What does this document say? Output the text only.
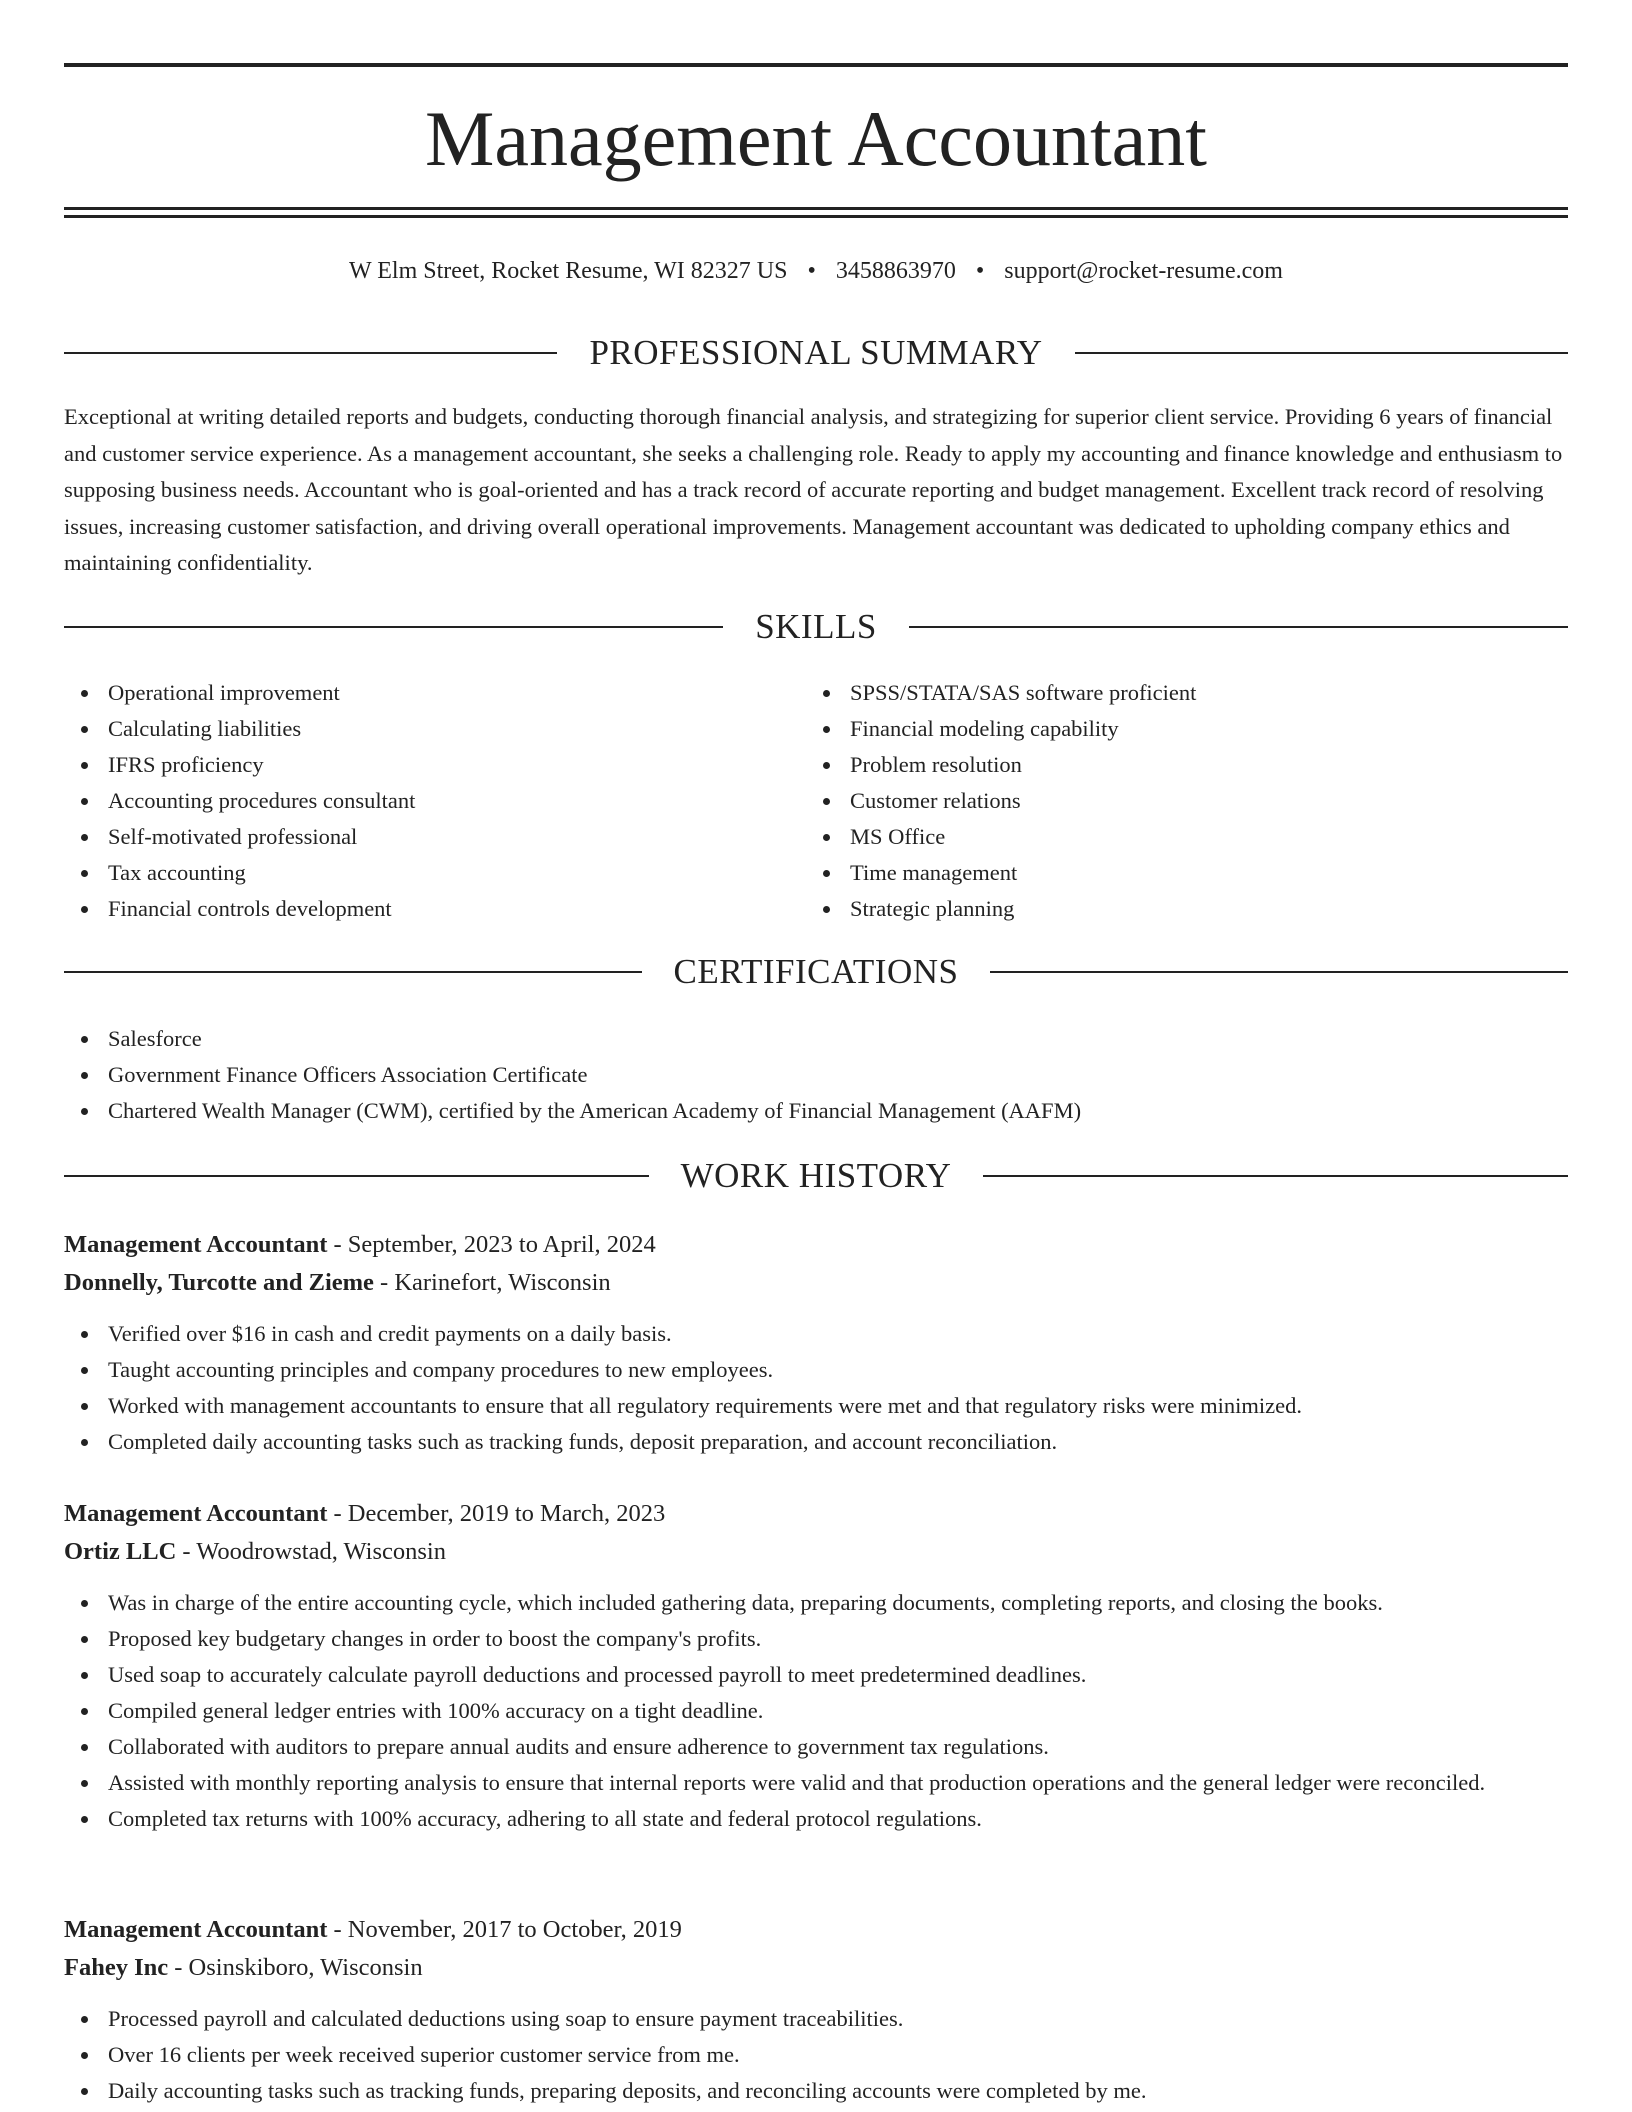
Management Accountant
W Elm Street, Rocket Resume, WI 82327 US • 3458863970 • support@rocket-resume.com
PROFESSIONAL SUMMARY

Exceptional at writing detailed reports and budgets, conducting thorough financial analysis, and strategizing for superior client service. Providing 6 years of financial and customer service experience. As a management accountant, she seeks a challenging role. Ready to apply my accounting and finance knowledge and enthusiasm to supposing business needs. Accountant who is goal-oriented and has a track record of accurate reporting and budget management. Excellent track record of resolving issues, increasing customer satisfaction, and driving overall operational improvements. Management accountant was dedicated to upholding company ethics and maintaining confidentiality.

SKILLS
Operational improvement
Calculating liabilities
IFRS proficiency
Accounting procedures consultant
Self-motivated professional
Tax accounting
Financial controls development
SPSS/STATA/SAS software proficient
Financial modeling capability
Problem resolution
Customer relations
MS Office
Time management
Strategic planning
CERTIFICATIONS
Salesforce
Government Finance Officers Association Certificate
Chartered Wealth Manager (CWM), certified by the American Academy of Financial Management (AAFM)
WORK HISTORY
Management Accountant - September, 2023 to April, 2024
Donnelly, Turcotte and Zieme - Karinefort, Wisconsin
Verified over $16 in cash and credit payments on a daily basis.
Taught accounting principles and company procedures to new employees.
Worked with management accountants to ensure that all regulatory requirements were met and that regulatory risks were minimized.
Completed daily accounting tasks such as tracking funds, deposit preparation, and account reconciliation.
Management Accountant - December, 2019 to March, 2023
Ortiz LLC - Woodrowstad, Wisconsin
Was in charge of the entire accounting cycle, which included gathering data, preparing documents, completing reports, and closing the books.
Proposed key budgetary changes in order to boost the company's profits.
Used soap to accurately calculate payroll deductions and processed payroll to meet predetermined deadlines.
Compiled general ledger entries with 100% accuracy on a tight deadline.
Collaborated with auditors to prepare annual audits and ensure adherence to government tax regulations.
Assisted with monthly reporting analysis to ensure that internal reports were valid and that production operations and the general ledger were reconciled.
Completed tax returns with 100% accuracy, adhering to all state and federal protocol regulations.
Management Accountant - November, 2017 to October, 2019
Fahey Inc - Osinskiboro, Wisconsin
Processed payroll and calculated deductions using soap to ensure payment traceabilities.
Over 16 clients per week received superior customer service from me.
Daily accounting tasks such as tracking funds, preparing deposits, and reconciling accounts were completed by me.
